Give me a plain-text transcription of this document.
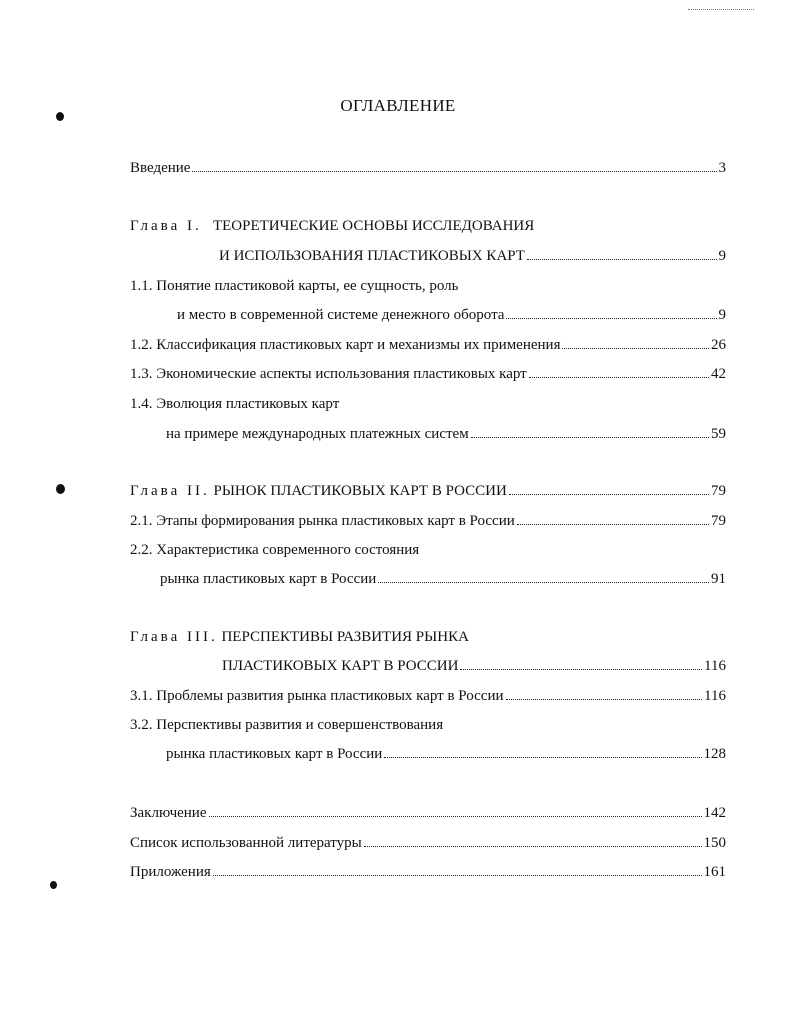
ОГЛАВЛЕНИЕ
Введение	3
Глава I. ТЕОРЕТИЧЕСКИЕ ОСНОВЫ ИССЛЕДОВАНИЯ
И ИСПОЛЬЗОВАНИЯ ПЛАСТИКОВЫХ КАРТ	9
1.1. Понятие пластиковой карты, ее сущность, роль
и место в современной системе денежного оборота	9
1.2. Классификация пластиковых карт и механизмы их применения	26
1.3. Экономические аспекты использования пластиковых карт	42
1.4. Эволюция пластиковых карт
на примере международных платежных систем	59
Глава II. РЫНОК ПЛАСТИКОВЫХ КАРТ В РОССИИ	79
2.1. Этапы формирования рынка пластиковых карт в России	79
2.2. Характеристика современного состояния
рынка пластиковых карт в России	91
Глава III. ПЕРСПЕКТИВЫ РАЗВИТИЯ РЫНКА
ПЛАСТИКОВЫХ КАРТ В РОССИИ	116
3.1. Проблемы развития рынка пластиковых карт в России	116
3.2. Перспективы развития и совершенствования
рынка пластиковых карт в России	128
Заключение	142
Список использованной литературы	150
Приложения	161
